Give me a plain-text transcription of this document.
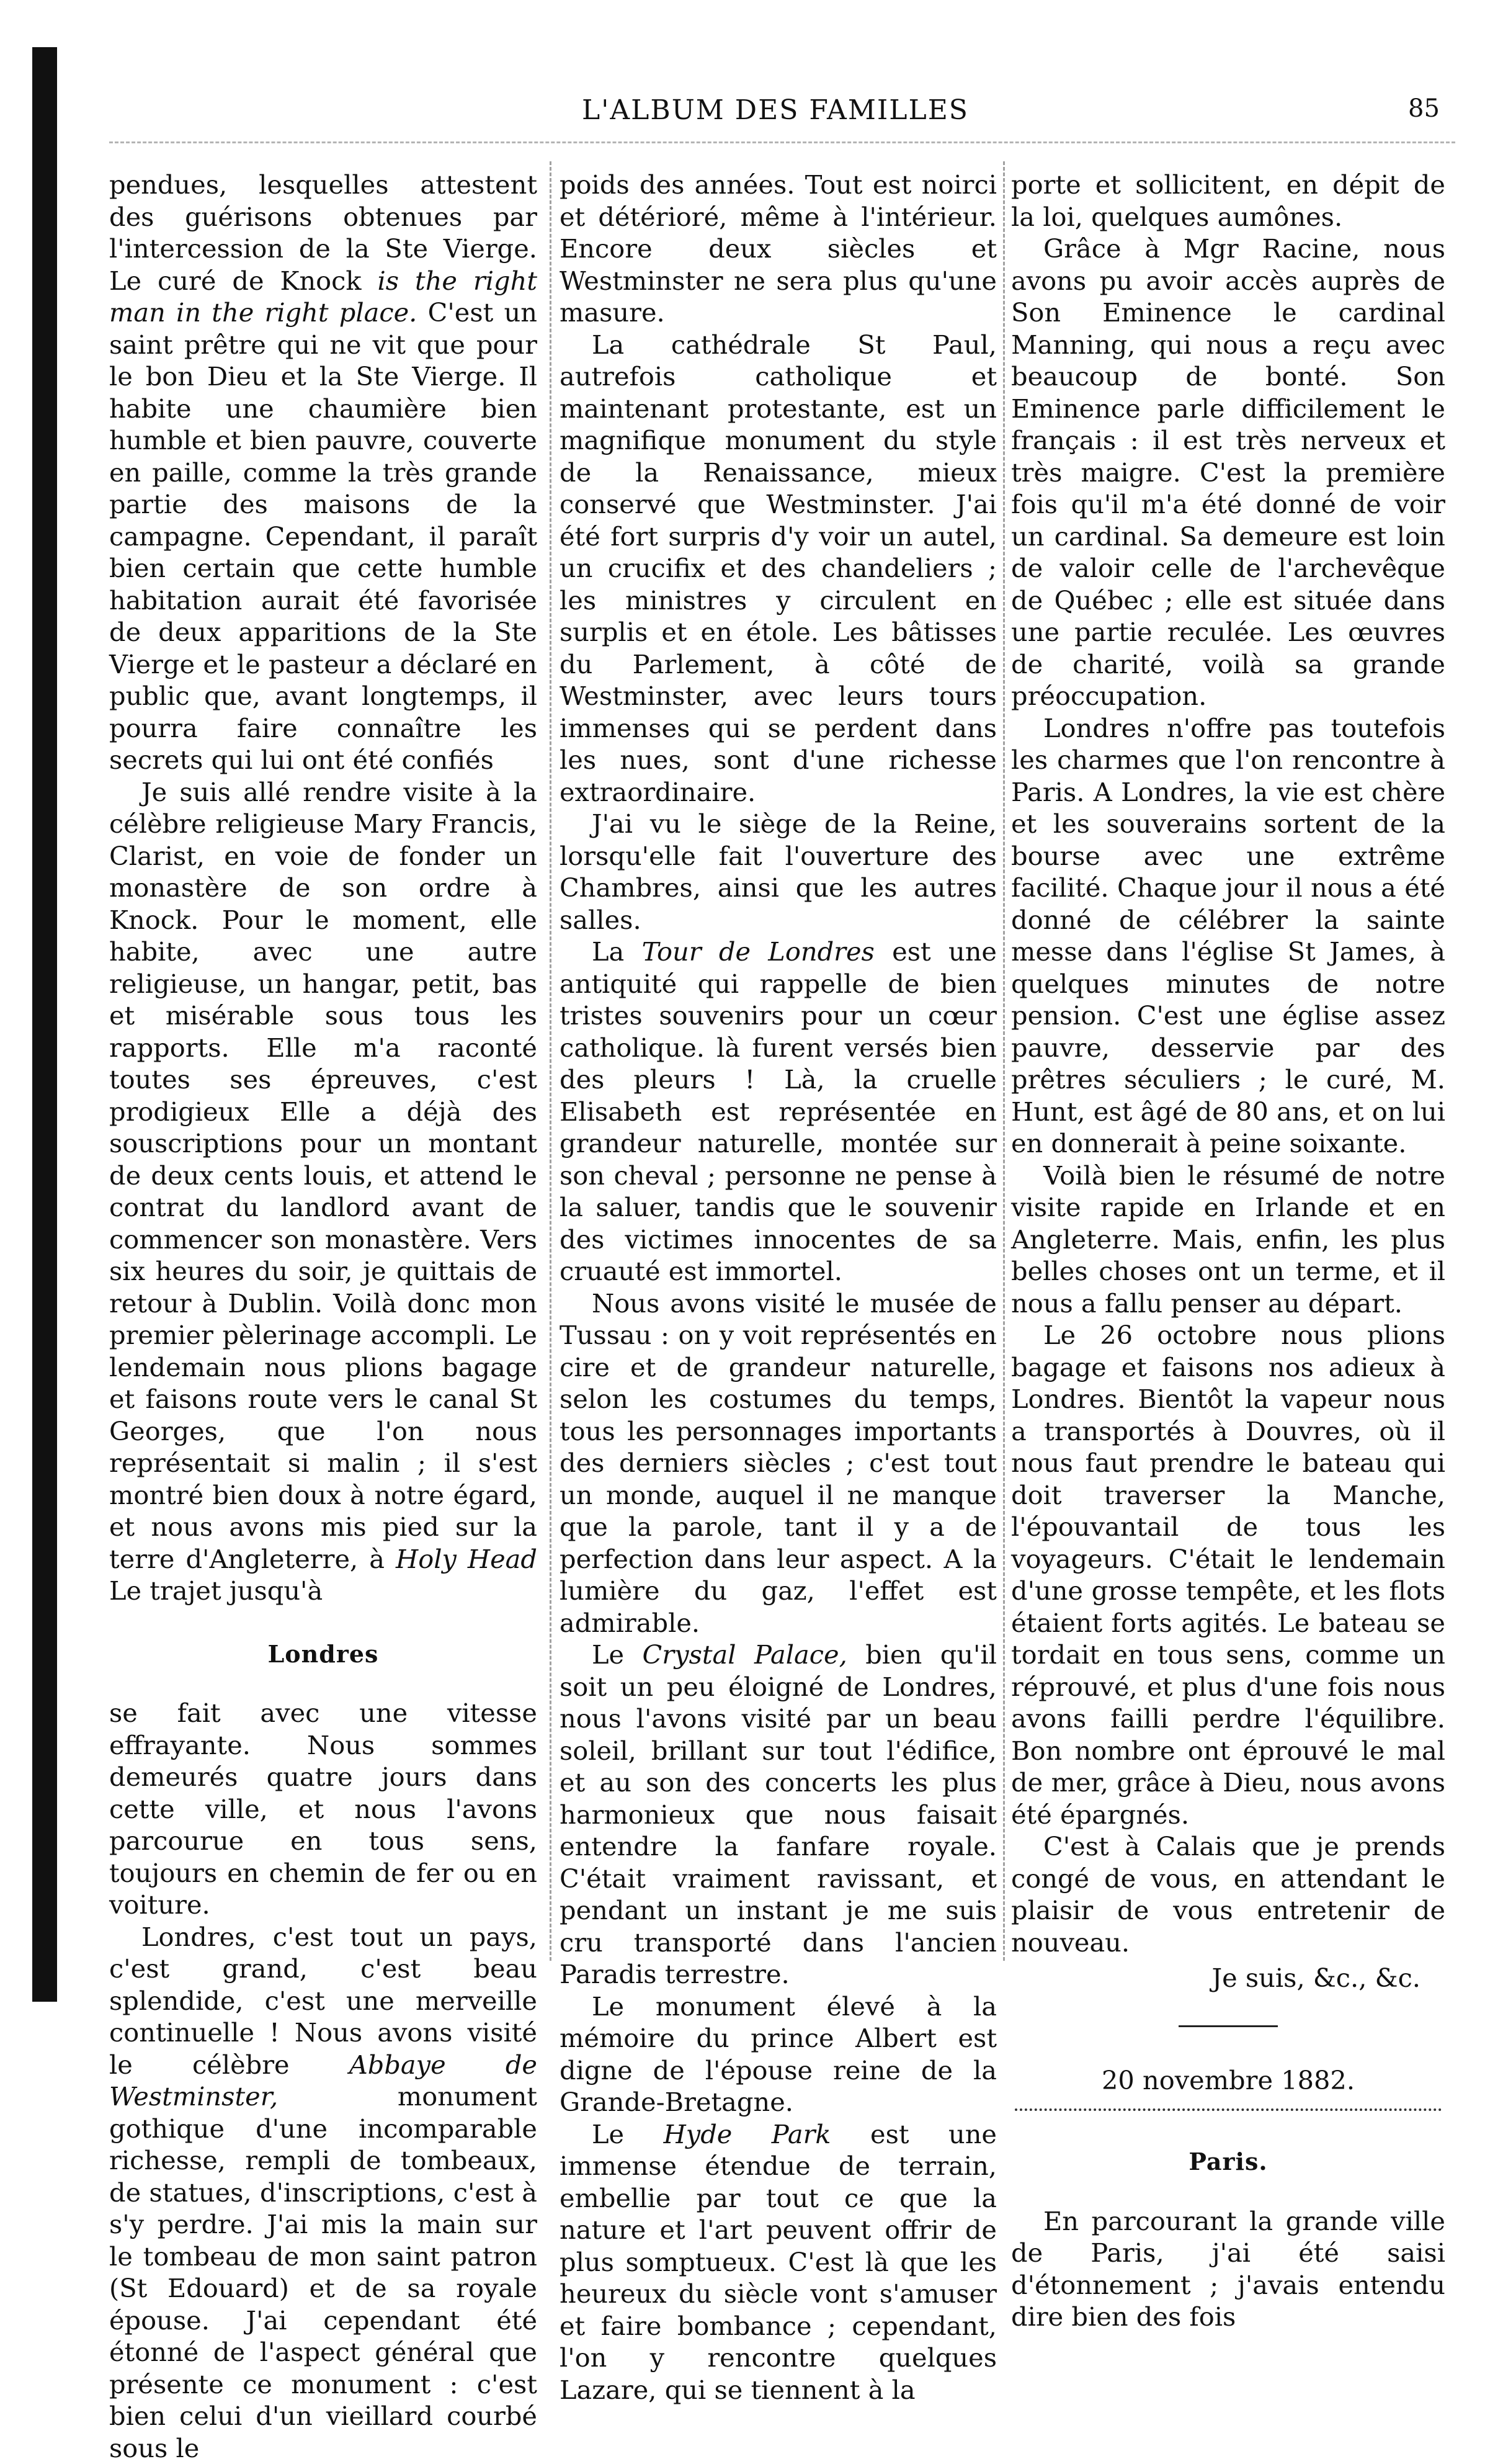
L'ALBUM DES FAMILLES	85

pendues, lesquelles attestent des guérisons obtenues par l'intercession de la Ste Vierge. Le curé de Knock is the right man in the right place. C'est un saint prêtre qui ne vit que pour le bon Dieu et la Ste Vierge. Il habite une chaumière bien humble et bien pauvre, couverte en paille, comme la très grande partie des maisons de la campagne. Cependant, il paraît bien certain que cette humble habitation aurait été favorisée de deux apparitions de la Ste Vierge et le pasteur a déclaré en public que, avant longtemps, il pourra faire connaître les secrets qui lui ont été confiés

Je suis allé rendre visite à la célèbre religieuse Mary Francis, Clarist, en voie de fonder un monastère de son ordre à Knock. Pour le moment, elle habite, avec une autre religieuse, un hangar, petit, bas et misérable sous tous les rapports. Elle m'a raconté toutes ses épreuves, c'est prodigieux Elle a déjà des souscriptions pour un montant de deux cents louis, et attend le contrat du landlord avant de commencer son monastère. Vers six heures du soir, je quittais de retour à Dublin. Voilà donc mon premier pèlerinage accompli. Le lendemain nous plions bagage et faisons route vers le canal St Georges, que l'on nous représentait si malin ; il s'est montré bien doux à notre égard, et nous avons mis pied sur la terre d'Angleterre, à Holy Head Le trajet jusqu'à

Londres

se fait avec une vitesse effrayante. Nous sommes demeurés quatre jours dans cette ville, et nous l'avons parcourue en tous sens, toujours en chemin de fer ou en voiture.

Londres, c'est tout un pays, c'est grand, c'est beau splendide, c'est une merveille continuelle ! Nous avons visité le célèbre Abbaye de Westminster, monument gothique d'une incomparable richesse, rempli de tombeaux, de statues, d'inscriptions, c'est à s'y perdre. J'ai mis la main sur le tombeau de mon saint patron (St Edouard) et de sa royale épouse. J'ai cependant été étonné de l'aspect général que présente ce monument : c'est bien celui d'un vieillard courbé sous le

poids des années. Tout est noirci et détérioré, même à l'intérieur. Encore deux siècles et Westminster ne sera plus qu'une masure.

La cathédrale St Paul, autrefois catholique et maintenant protestante, est un magnifique monument du style de la Renaissance, mieux conservé que Westminster. J'ai été fort surpris d'y voir un autel, un crucifix et des chandeliers ; les ministres y circulent en surplis et en étole. Les bâtisses du Parlement, à côté de Westminster, avec leurs tours immenses qui se perdent dans les nues, sont d'une richesse extraordinaire.

J'ai vu le siège de la Reine, lorsqu'elle fait l'ouverture des Chambres, ainsi que les autres salles.

La Tour de Londres est une antiquité qui rappelle de bien tristes souvenirs pour un cœur catholique. là furent versés bien des pleurs ! Là, la cruelle Elisabeth est représentée en grandeur naturelle, montée sur son cheval ; personne ne pense à la saluer, tandis que le souvenir des victimes innocentes de sa cruauté est immortel.

Nous avons visité le musée de Tussau : on y voit représentés en cire et de grandeur naturelle, selon les costumes du temps, tous les personnages importants des derniers siècles ; c'est tout un monde, auquel il ne manque que la parole, tant il y a de perfection dans leur aspect. A la lumière du gaz, l'effet est admirable.

Le Crystal Palace, bien qu'il soit un peu éloigné de Londres, nous l'avons visité par un beau soleil, brillant sur tout l'édifice, et au son des concerts les plus harmonieux que nous faisait entendre la fanfare royale. C'était vraiment ravissant, et pendant un instant je me suis cru transporté dans l'ancien Paradis terrestre.

Le monument élevé à la mémoire du prince Albert est digne de l'épouse reine de la Grande-Bretagne.

Le Hyde Park est une immense étendue de terrain, embellie par tout ce que la nature et l'art peuvent offrir de plus somptueux. C'est là que les heureux du siècle vont s'amuser et faire bombance ; cependant, l'on y rencontre quelques Lazare, qui se tiennent à la

porte et sollicitent, en dépit de la loi, quelques aumônes.

Grâce à Mgr Racine, nous avons pu avoir accès auprès de Son Eminence le cardinal Manning, qui nous a reçu avec beaucoup de bonté. Son Eminence parle difficilement le français : il est très nerveux et très maigre. C'est la première fois qu'il m'a été donné de voir un cardinal. Sa demeure est loin de valoir celle de l'archevêque de Québec ; elle est située dans une partie reculée. Les œuvres de charité, voilà sa grande préoccupation.

Londres n'offre pas toutefois les charmes que l'on rencontre à Paris. A Londres, la vie est chère et les souverains sortent de la bourse avec une extrême facilité. Chaque jour il nous a été donné de célébrer la sainte messe dans l'église St James, à quelques minutes de notre pension. C'est une église assez pauvre, desservie par des prêtres séculiers ; le curé, M. Hunt, est âgé de 80 ans, et on lui en donnerait à peine soixante.

Voilà bien le résumé de notre visite rapide en Irlande et en Angleterre. Mais, enfin, les plus belles choses ont un terme, et il nous a fallu penser au départ.

Le 26 octobre nous plions bagage et faisons nos adieux à Londres. Bientôt la vapeur nous a transportés à Douvres, où il nous faut prendre le bateau qui doit traverser la Manche, l'épouvantail de tous les voyageurs. C'était le lendemain d'une grosse tempête, et les flots étaient forts agités. Le bateau se tordait en tous sens, comme un réprouvé, et plus d'une fois nous avons failli perdre l'équilibre. Bon nombre ont éprouvé le mal de mer, grâce à Dieu, nous avons été épargnés.

C'est à Calais que je prends congé de vous, en attendant le plaisir de vous entretenir de nouveau.

Je suis, &c., &c.

20 novembre 1882.

Paris.

En parcourant la grande ville de Paris, j'ai été saisi d'étonnement ; j'avais entendu dire bien des fois
